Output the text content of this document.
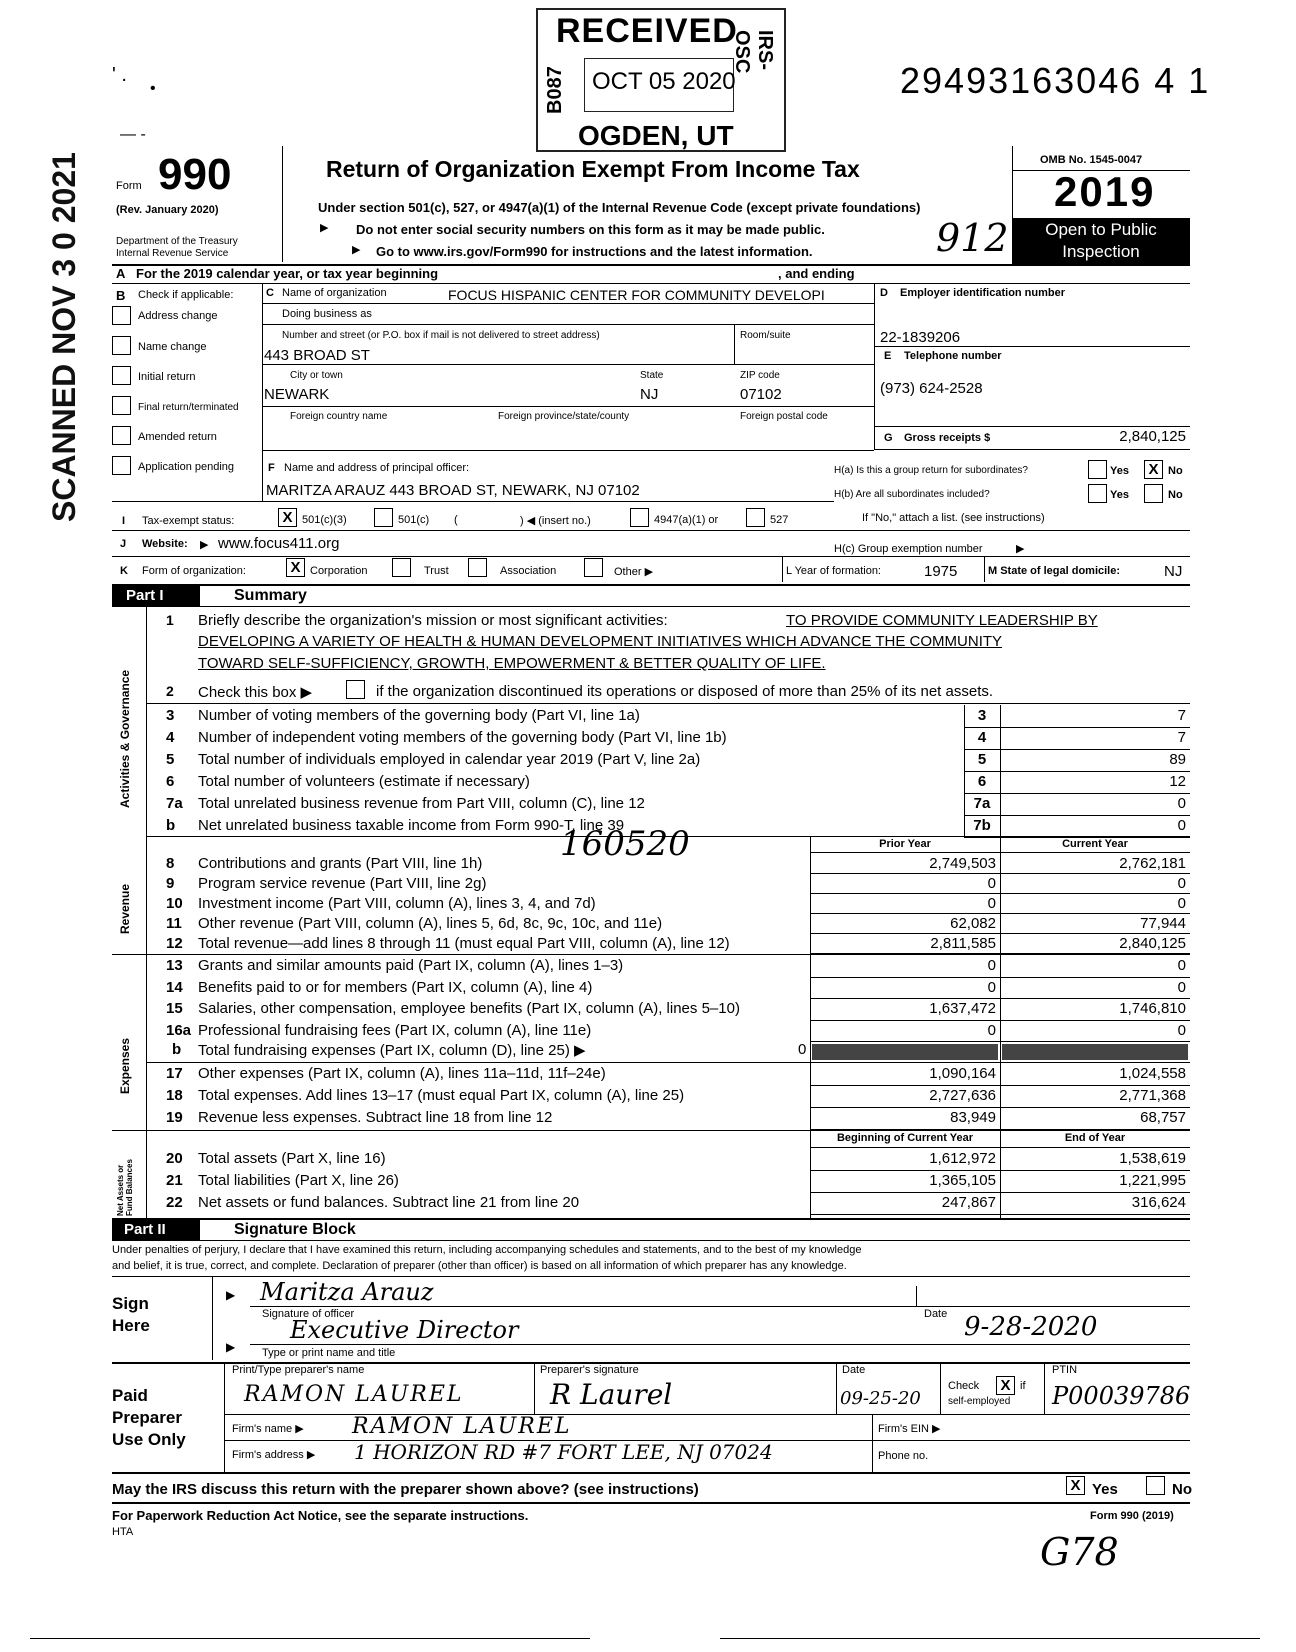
' .
•
— -
RECEIVED
OCT 05 2020
B087
IRS-OSC
OGDEN, UT
29493163046 4 1
SCANNED NOV 3 0 2021	Form 990
(Rev. January 2020)
Department of the Treasury
Internal Revenue Service
Return of Organization Exempt From Income Tax
Under section 501(c), 527, or 4947(a)(1) of the Internal Revenue Code (except private foundations)
▶ Do not enter social security numbers on this form as it may be made public.
▶ Go to www.irs.gov/Form990 for instructions and the latest information.	912
OMB No. 1545-0047
2019
Open to Public
Inspection
A For the 2019 calendar year, or tax year beginning	, and ending
B Check if applicable:
Address change
Name change
Initial return
Final return/terminated
Amended return
Application pending
C Name of organization	FOCUS HISPANIC CENTER FOR COMMUNITY DEVELOPI
Doing business as
Number and street (or P.O. box if mail is not delivered to street address)	Room/suite
443 BROAD ST
City or town	State	ZIP code
NEWARK	NJ	07102
Foreign country name	Foreign province/state/county	Foreign postal code
D Employer identification number
22-1839206
E Telephone number
(973) 624-2528
G Gross receipts $	2,840,125
F Name and address of principal officer:
MARITZA ARAUZ 443 BROAD ST, NEWARK, NJ 07102
H(a) Is this a group return for subordinates?	Yes X No
H(b) Are all subordinates included?	Yes	No
If "No," attach a list. (see instructions)
I Tax-exempt status:	X 501(c)(3)	501(c) (	) ◀ (insert no.)	4947(a)(1) or	527
J Website: ▶ www.focus411.org	H(c) Group exemption number	▶
K Form of organization:	X Corporation	Trust	Association	Other ▶	L Year of formation:	1975	M State of legal domicile:	NJ
Part I	Summary
Activities & Governance
Revenue
Expenses
Net Assets or Fund Balances
1 Briefly describe the organization's mission or most significant activities:	TO PROVIDE COMMUNITY LEADERSHIP BY
DEVELOPING A VARIETY OF HEALTH & HUMAN DEVELOPMENT INITIATIVES WHICH ADVANCE THE COMMUNITY
TOWARD SELF-SUFFICIENCY, GROWTH, EMPOWERMENT & BETTER QUALITY OF LIFE.
2 Check this box ▶	if the organization discontinued its operations or disposed of more than 25% of its net assets.
3 Number of voting members of the governing body (Part VI, line 1a)	3	7
4 Number of independent voting members of the governing body (Part VI, line 1b)	4	7
5 Total number of individuals employed in calendar year 2019 (Part V, line 2a)	5	89
6 Total number of volunteers (estimate if necessary)	6	12
7a Total unrelated business revenue from Part VIII, column (C), line 12	7a	0
b Net unrelated business taxable income from Form 990-T, line 39	7b	0
Prior Year	Current Year
8 Contributions and grants (Part VIII, line 1h)	2,749,503	2,762,181
9 Program service revenue (Part VIII, line 2g)	0	0
10 Investment income (Part VIII, column (A), lines 3, 4, and 7d)	0	0
11 Other revenue (Part VIII, column (A), lines 5, 6d, 8c, 9c, 10c, and 11e)	62,082	77,944
12 Total revenue—add lines 8 through 11 (must equal Part VIII, column (A), line 12)	2,811,585	2,840,125
160520
13 Grants and similar amounts paid (Part IX, column (A), lines 1–3)	0	0
14 Benefits paid to or for members (Part IX, column (A), line 4)	0	0
15 Salaries, other compensation, employee benefits (Part IX, column (A), lines 5–10)	1,637,472	1,746,810
16a Professional fundraising fees (Part IX, column (A), line 11e)	0	0
b Total fundraising expenses (Part IX, column (D), line 25) ▶	0
17 Other expenses (Part IX, column (A), lines 11a–11d, 11f–24e)	1,090,164	1,024,558
18 Total expenses. Add lines 13–17 (must equal Part IX, column (A), line 25)	2,727,636	2,771,368
19 Revenue less expenses. Subtract line 18 from line 12	83,949	68,757
Beginning of Current Year	End of Year
20 Total assets (Part X, line 16)	1,612,972	1,538,619
21 Total liabilities (Part X, line 26)	1,365,105	1,221,995
22 Net assets or fund balances. Subtract line 21 from line 20	247,867	316,624
Part II	Signature Block
Under penalties of perjury, I declare that I have examined this return, including accompanying schedules and statements, and to the best of my knowledge
and belief, it is true, correct, and complete. Declaration of preparer (other than officer) is based on all information of which preparer has any knowledge.
Sign
Here
▶
▶
Maritza Arauz
Signature of officer	Date
Executive Director	9-28-2020
Type or print name and title
Paid
Preparer
Use Only
Print/Type preparer's name	Preparer's signature	Date
Check X if
self-employed
PTIN
RAMON LAUREL	R Laurel	09-25-20	P00039786
Firm's name ▶ RAMON LAUREL	Firm's EIN ▶
Firm's address ▶ 1 HORIZON RD #7 FORT LEE, NJ 07024	Phone no.
May the IRS discuss this return with the preparer shown above? (see instructions)	X Yes	No
For Paperwork Reduction Act Notice, see the separate instructions.
HTA
Form 990 (2019)
G78
